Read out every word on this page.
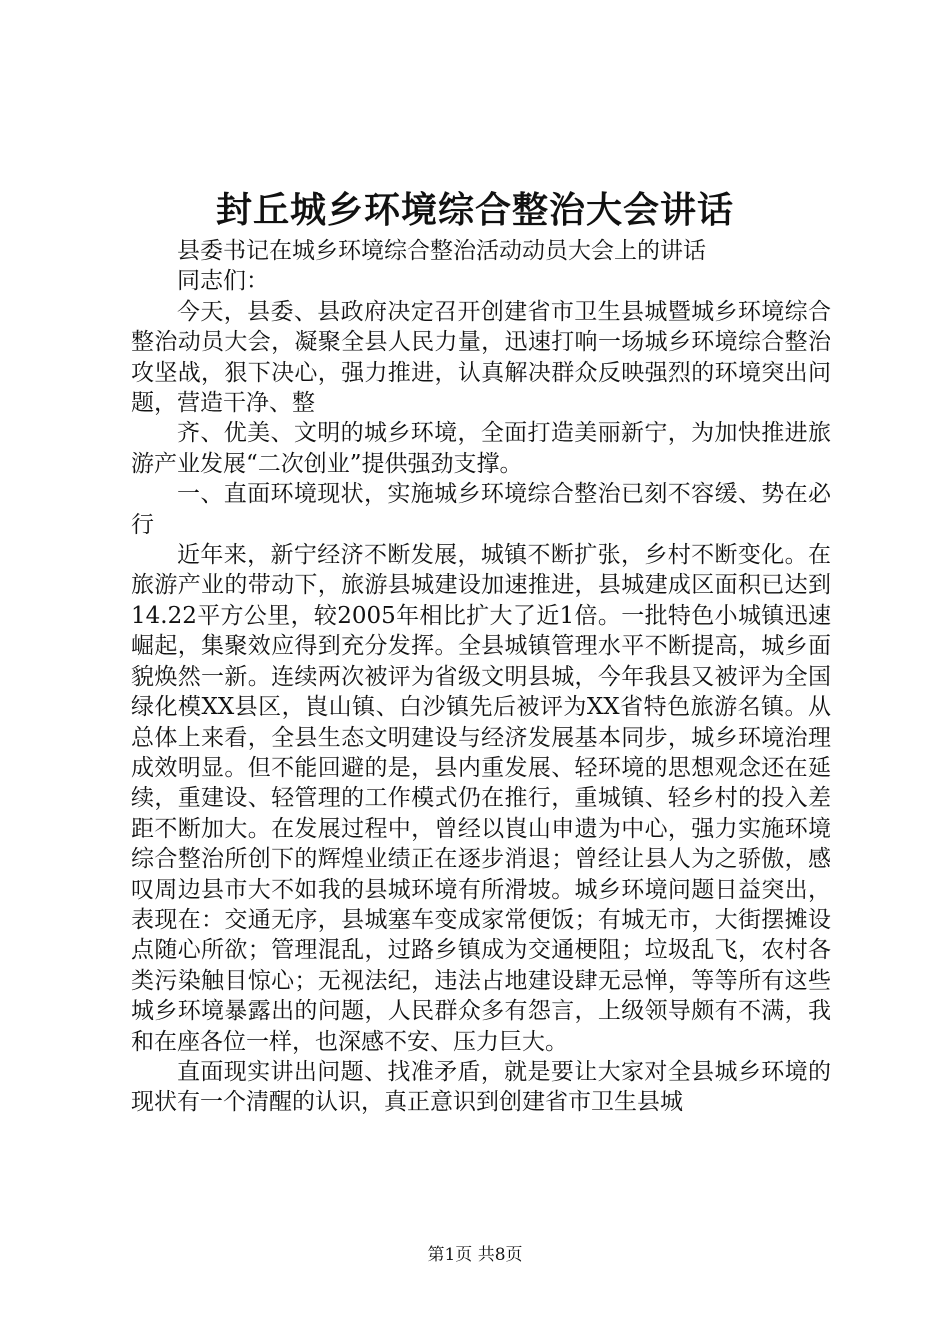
封丘城乡环境综合整治大会讲话

县委书记在城乡环境综合整治活动动员大会上的讲话

同志们：

今天，县委、县政府决定召开创建省市卫生县城暨城乡环境综合整治动员大会，凝聚全县人民力量，迅速打响一场城乡环境综合整治攻坚战，狠下决心，强力推进，认真解决群众反映强烈的环境突出问题，营造干净、整

齐、优美、文明的城乡环境，全面打造美丽新宁，为加快推进旅游产业发展“二次创业”提供强劲支撑。

一、直面环境现状，实施城乡环境综合整治已刻不容缓、势在必行

近年来，新宁经济不断发展，城镇不断扩张，乡村不断变化。在旅游产业的带动下，旅游县城建设加速推进，县城建成区面积已达到14.22平方公里，较2005年相比扩大了近1倍。一批特色小城镇迅速崛起，集聚效应得到充分发挥。全县城镇管理水平不断提高，城乡面貌焕然一新。连续两次被评为省级文明县城，今年我县又被评为全国绿化模XX县区，崀山镇、白沙镇先后被评为XX省特色旅游名镇。从总体上来看，全县生态文明建设与经济发展基本同步，城乡环境治理成效明显。但不能回避的是，县内重发展、轻环境的思想观念还在延续，重建设、轻管理的工作模式仍在推行，重城镇、轻乡村的投入差距不断加大。在发展过程中，曾经以崀山申遗为中心，强力实施环境综合整治所创下的辉煌业绩正在逐步消退；曾经让县人为之骄傲，感叹周边县市大不如我的县城环境有所滑坡。城乡环境问题日益突出，表现在：交通无序，县城塞车变成家常便饭；有城无市，大街摆摊设点随心所欲；管理混乱，过路乡镇成为交通梗阻；垃圾乱飞，农村各类污染触目惊心；无视法纪，违法占地建设肆无忌惮，等等所有这些城乡环境暴露出的问题，人民群众多有怨言，上级领导颇有不满，我和在座各位一样，也深感不安、压力巨大。

直面现实讲出问题、找准矛盾，就是要让大家对全县城乡环境的现状有一个清醒的认识，真正意识到创建省市卫生县城

第1页 共8页
